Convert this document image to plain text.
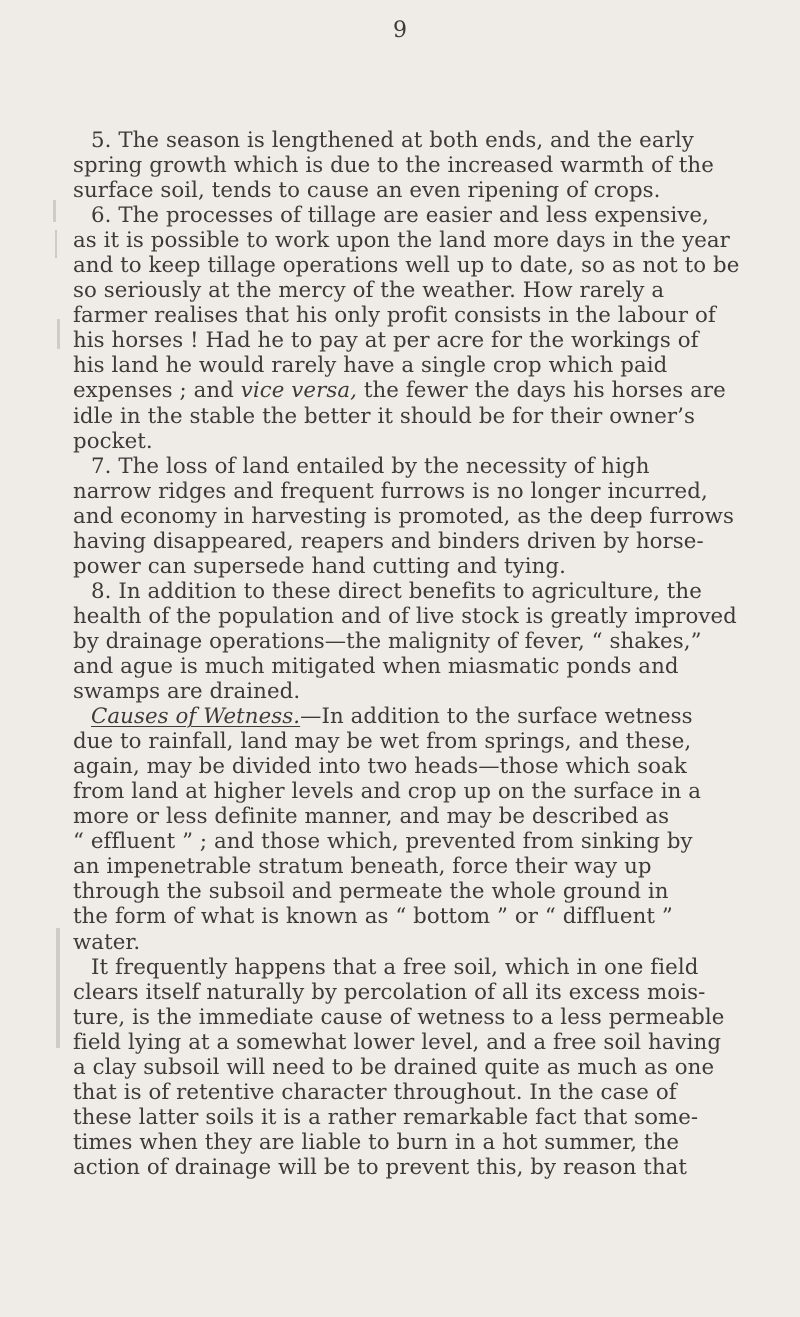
9
5. The season is lengthened at both ends, and the early
spring growth which is due to the increased warmth of the
surface soil, tends to cause an even ripening of crops.
6. The processes of tillage are easier and less expensive,
as it is possible to work upon the land more days in the year
and to keep tillage operations well up to date, so as not to be
so seriously at the mercy of the weather. How rarely a
farmer realises that his only profit consists in the labour of
his horses ! Had he to pay at per acre for the workings of
his land he would rarely have a single crop which paid
expenses ; and vice versa, the fewer the days his horses are
idle in the stable the better it should be for their owner’s
pocket.
7. The loss of land entailed by the necessity of high
narrow ridges and frequent furrows is no longer incurred,
and economy in harvesting is promoted, as the deep furrows
having disappeared, reapers and binders driven by horse-
power can supersede hand cutting and tying.
8. In addition to these direct benefits to agriculture, the
health of the population and of live stock is greatly improved
by drainage operations—the malignity of fever, “ shakes,”
and ague is much mitigated when miasmatic ponds and
swamps are drained.
Causes of Wetness.—In addition to the surface wetness
due to rainfall, land may be wet from springs, and these,
again, may be divided into two heads—those which soak
from land at higher levels and crop up on the surface in a
more or less definite manner, and may be described as
“ effluent ” ; and those which, prevented from sinking by
an impenetrable stratum beneath, force their way up
through the subsoil and permeate the whole ground in
the form of what is known as “ bottom ” or “ diffluent ”
water.
It frequently happens that a free soil, which in one field
clears itself naturally by percolation of all its excess mois-
ture, is the immediate cause of wetness to a less permeable
field lying at a somewhat lower level, and a free soil having
a clay subsoil will need to be drained quite as much as one
that is of retentive character throughout. In the case of
these latter soils it is a rather remarkable fact that some-
times when they are liable to burn in a hot summer, the
action of drainage will be to prevent this, by reason that
